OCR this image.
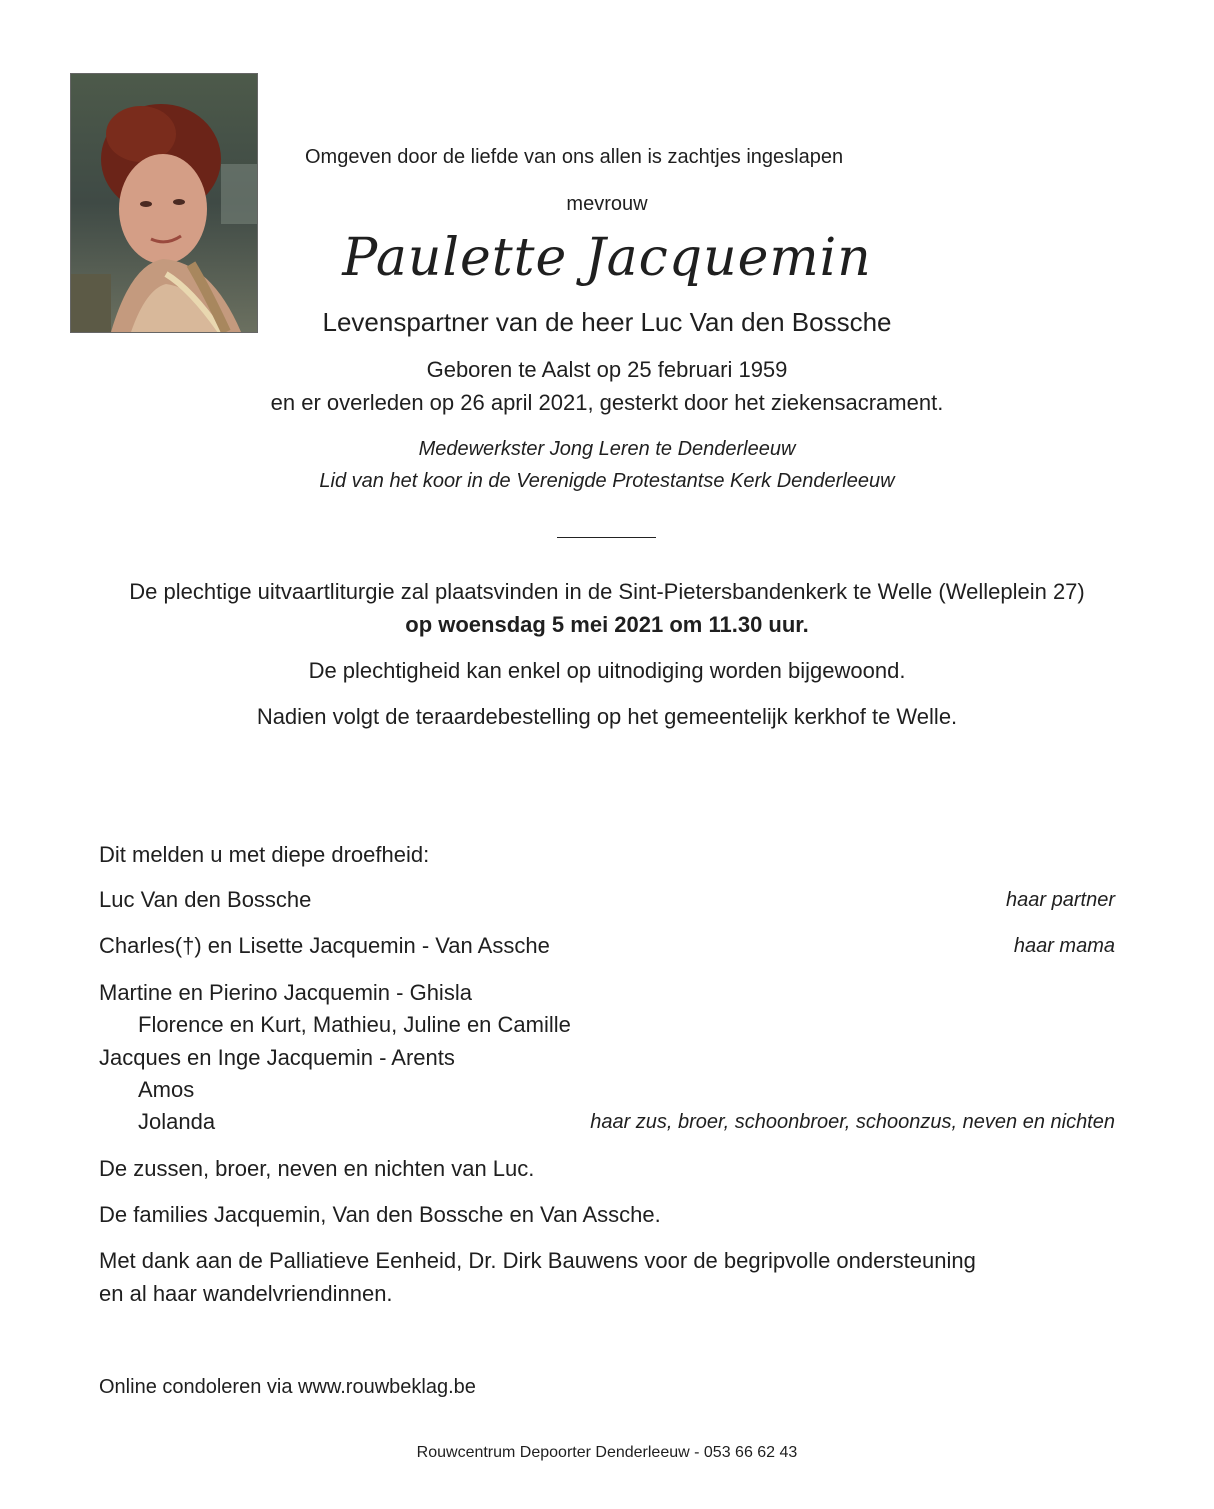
Omgeven door de liefde van ons allen is zachtjes ingeslapen
mevrouw
Paulette Jacquemin
Levenspartner van de heer Luc Van den Bossche
Geboren te Aalst op 25 februari 1959
en er overleden op 26 april 2021, gesterkt door het ziekensacrament.
Medewerkster Jong Leren te Denderleeuw
Lid van het koor in de Verenigde Protestantse Kerk Denderleeuw
De plechtige uitvaartliturgie zal plaatsvinden in de Sint-Pietersbandenkerk te Welle (Welleplein 27)
op woensdag 5 mei 2021 om 11.30 uur.
De plechtigheid kan enkel op uitnodiging worden bijgewoond.
Nadien volgt de teraardebestelling op het gemeentelijk kerkhof te Welle.
Dit melden u met diepe droefheid:
Luc Van den Bossche	haar partner
Charles(†) en Lisette Jacquemin - Van Assche	haar mama
Martine en Pierino Jacquemin - Ghisla
Florence en Kurt, Mathieu, Juline en Camille
Jacques en Inge Jacquemin - Arents
Amos
Jolanda	haar zus, broer, schoonbroer, schoonzus, neven en nichten
De zussen, broer, neven en nichten van Luc.
De families Jacquemin, Van den Bossche en Van Assche.
Met dank aan de Palliatieve Eenheid, Dr. Dirk Bauwens voor de begripvolle ondersteuning
en al haar wandelvriendinnen.
Online condoleren via www.rouwbeklag.be
Rouwcentrum Depoorter Denderleeuw - 053 66 62 43
